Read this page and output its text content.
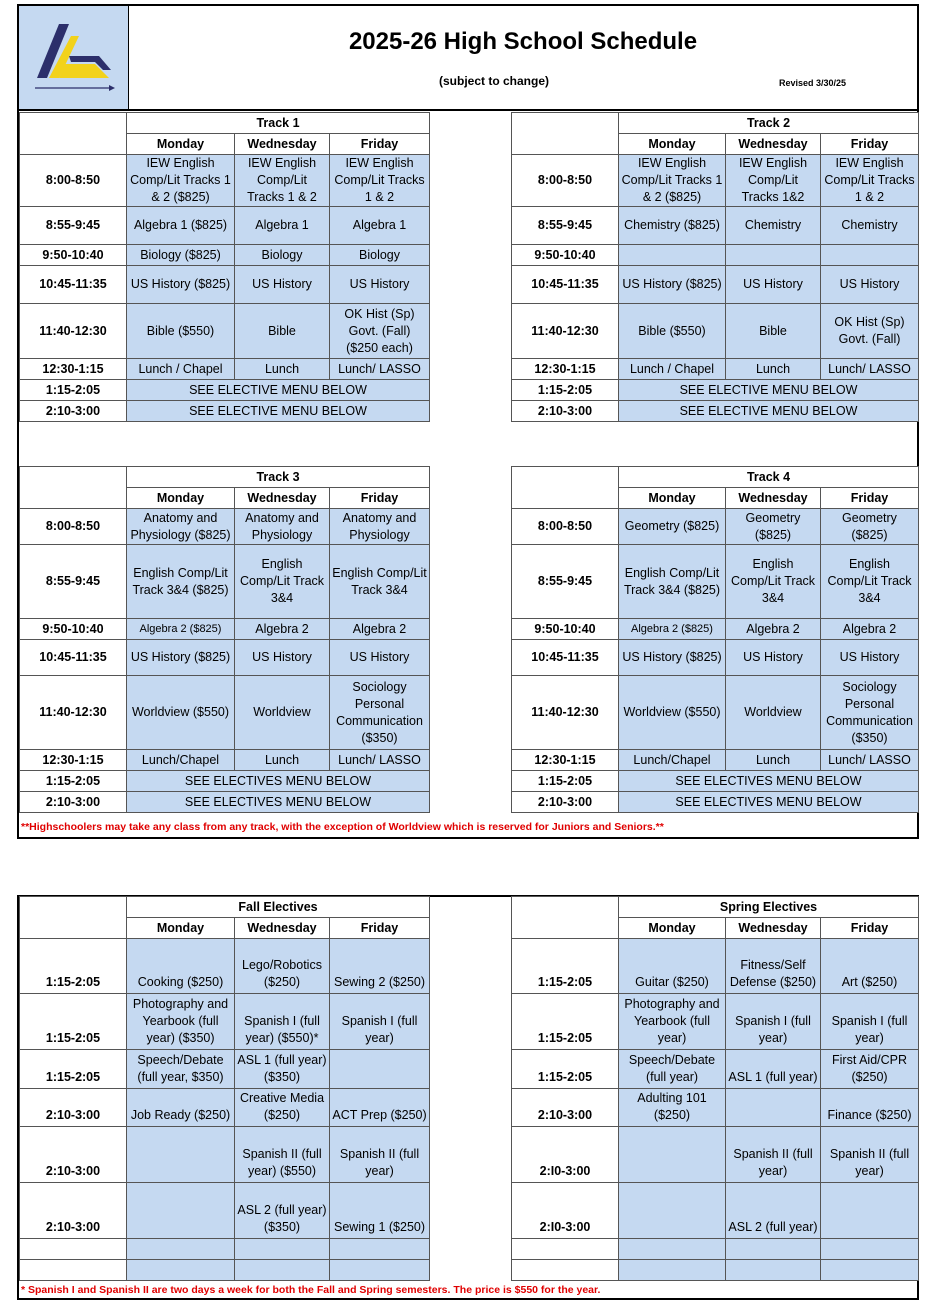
2025-26 High School Schedule
(subject to change)	Revised 3/30/25
	Track 1		
	Monday	Wednesday	Friday
8:00-8:50	IEW English Comp/Lit Tracks 1 & 2 ($825)	IEW English Comp/Lit Tracks 1 & 2	IEW English Comp/Lit Tracks 1 & 2
8:55-9:45	Algebra 1 ($825)	Algebra 1	Algebra 1
9:50-10:40	Biology ($825)	Biology	Biology
10:45-11:35	US History ($825)	US History	US History
11:40-12:30	Bible ($550)	Bible	OK Hist (Sp) Govt. (Fall) ($250 each)
12:30-1:15	Lunch / Chapel	Lunch	Lunch/ LASSO
1:15-2:05	SEE ELECTIVE MENU BELOW		
2:10-3:00	SEE ELECTIVE MENU BELOW		
	Track 2		
	Monday	Wednesday	Friday
8:00-8:50	IEW English Comp/Lit Tracks 1 & 2 ($825)	IEW English Comp/Lit Tracks 1&2	IEW English Comp/Lit Tracks 1 & 2
8:55-9:45	Chemistry ($825)	Chemistry	Chemistry
9:50-10:40			
10:45-11:35	US History ($825)	US History	US History
11:40-12:30	Bible ($550)	Bible	OK Hist (Sp) Govt. (Fall)
12:30-1:15	Lunch / Chapel	Lunch	Lunch/ LASSO
1:15-2:05	SEE ELECTIVE MENU BELOW		
2:10-3:00	SEE ELECTIVE MENU BELOW		
	Track 3		
	Monday	Wednesday	Friday
8:00-8:50	Anatomy and Physiology ($825)	Anatomy and Physiology	Anatomy and Physiology
8:55-9:45	English Comp/Lit Track 3&4 ($825)	English Comp/Lit Track 3&4	English Comp/Lit Track 3&4
9:50-10:40	Algebra 2 ($825)	Algebra 2	Algebra 2
10:45-11:35	US History ($825)	US History	US History
11:40-12:30	Worldview ($550)	Worldview	Sociology Personal Communication ($350)
12:30-1:15	Lunch/Chapel	Lunch	Lunch/ LASSO
1:15-2:05	SEE ELECTIVES MENU BELOW		
2:10-3:00	SEE ELECTIVES MENU BELOW		
	Track 4		
	Monday	Wednesday	Friday
8:00-8:50	Geometry ($825)	Geometry ($825)	Geometry ($825)
8:55-9:45	English Comp/Lit Track 3&4 ($825)	English Comp/Lit Track 3&4	English Comp/Lit Track 3&4
9:50-10:40	Algebra 2 ($825)	Algebra 2	Algebra 2
10:45-11:35	US History ($825)	US History	US History
11:40-12:30	Worldview ($550)	Worldview	Sociology Personal Communication ($350)
12:30-1:15	Lunch/Chapel	Lunch	Lunch/ LASSO
1:15-2:05	SEE ELECTIVES MENU BELOW		
2:10-3:00	SEE ELECTIVES MENU BELOW		
	Fall Electives		
	Monday	Wednesday	Friday
1:15-2:05	Cooking ($250)	Lego/Robotics ($250)	Sewing 2 ($250)
1:15-2:05	Photography and Yearbook (full year) ($350)	Spanish I (full year) ($550)*	Spanish I (full year)
1:15-2:05	Speech/Debate (full year, $350)	ASL 1 (full year) ($350)	
2:10-3:00	Job Ready ($250)	Creative Media ($250)	ACT Prep ($250)
2:10-3:00		Spanish II (full year) ($550)	Spanish II (full year)
2:10-3:00		ASL 2 (full year) ($350)	Sewing 1 ($250)

	Spring Electives		
	Monday	Wednesday	Friday
1:15-2:05	Guitar ($250)	Fitness/Self Defense ($250)	Art ($250)
1:15-2:05	Photography and Yearbook (full year)	Spanish I (full year)	Spanish I (full year)
1:15-2:05	Speech/Debate (full year)	ASL 1 (full year)	First Aid/CPR ($250)
2:10-3:00	Adulting 101 ($250)		Finance ($250)
2:I0-3:00		Spanish II (full year)	Spanish II (full year)
2:I0-3:00		ASL 2 (full year)	

**Highschoolers may take any class from any track, with the exception of Worldview which is reserved for Juniors and Seniors.**
* Spanish I and Spanish II are two days a week for both the Fall and Spring semesters. The price is $550 for the year.
